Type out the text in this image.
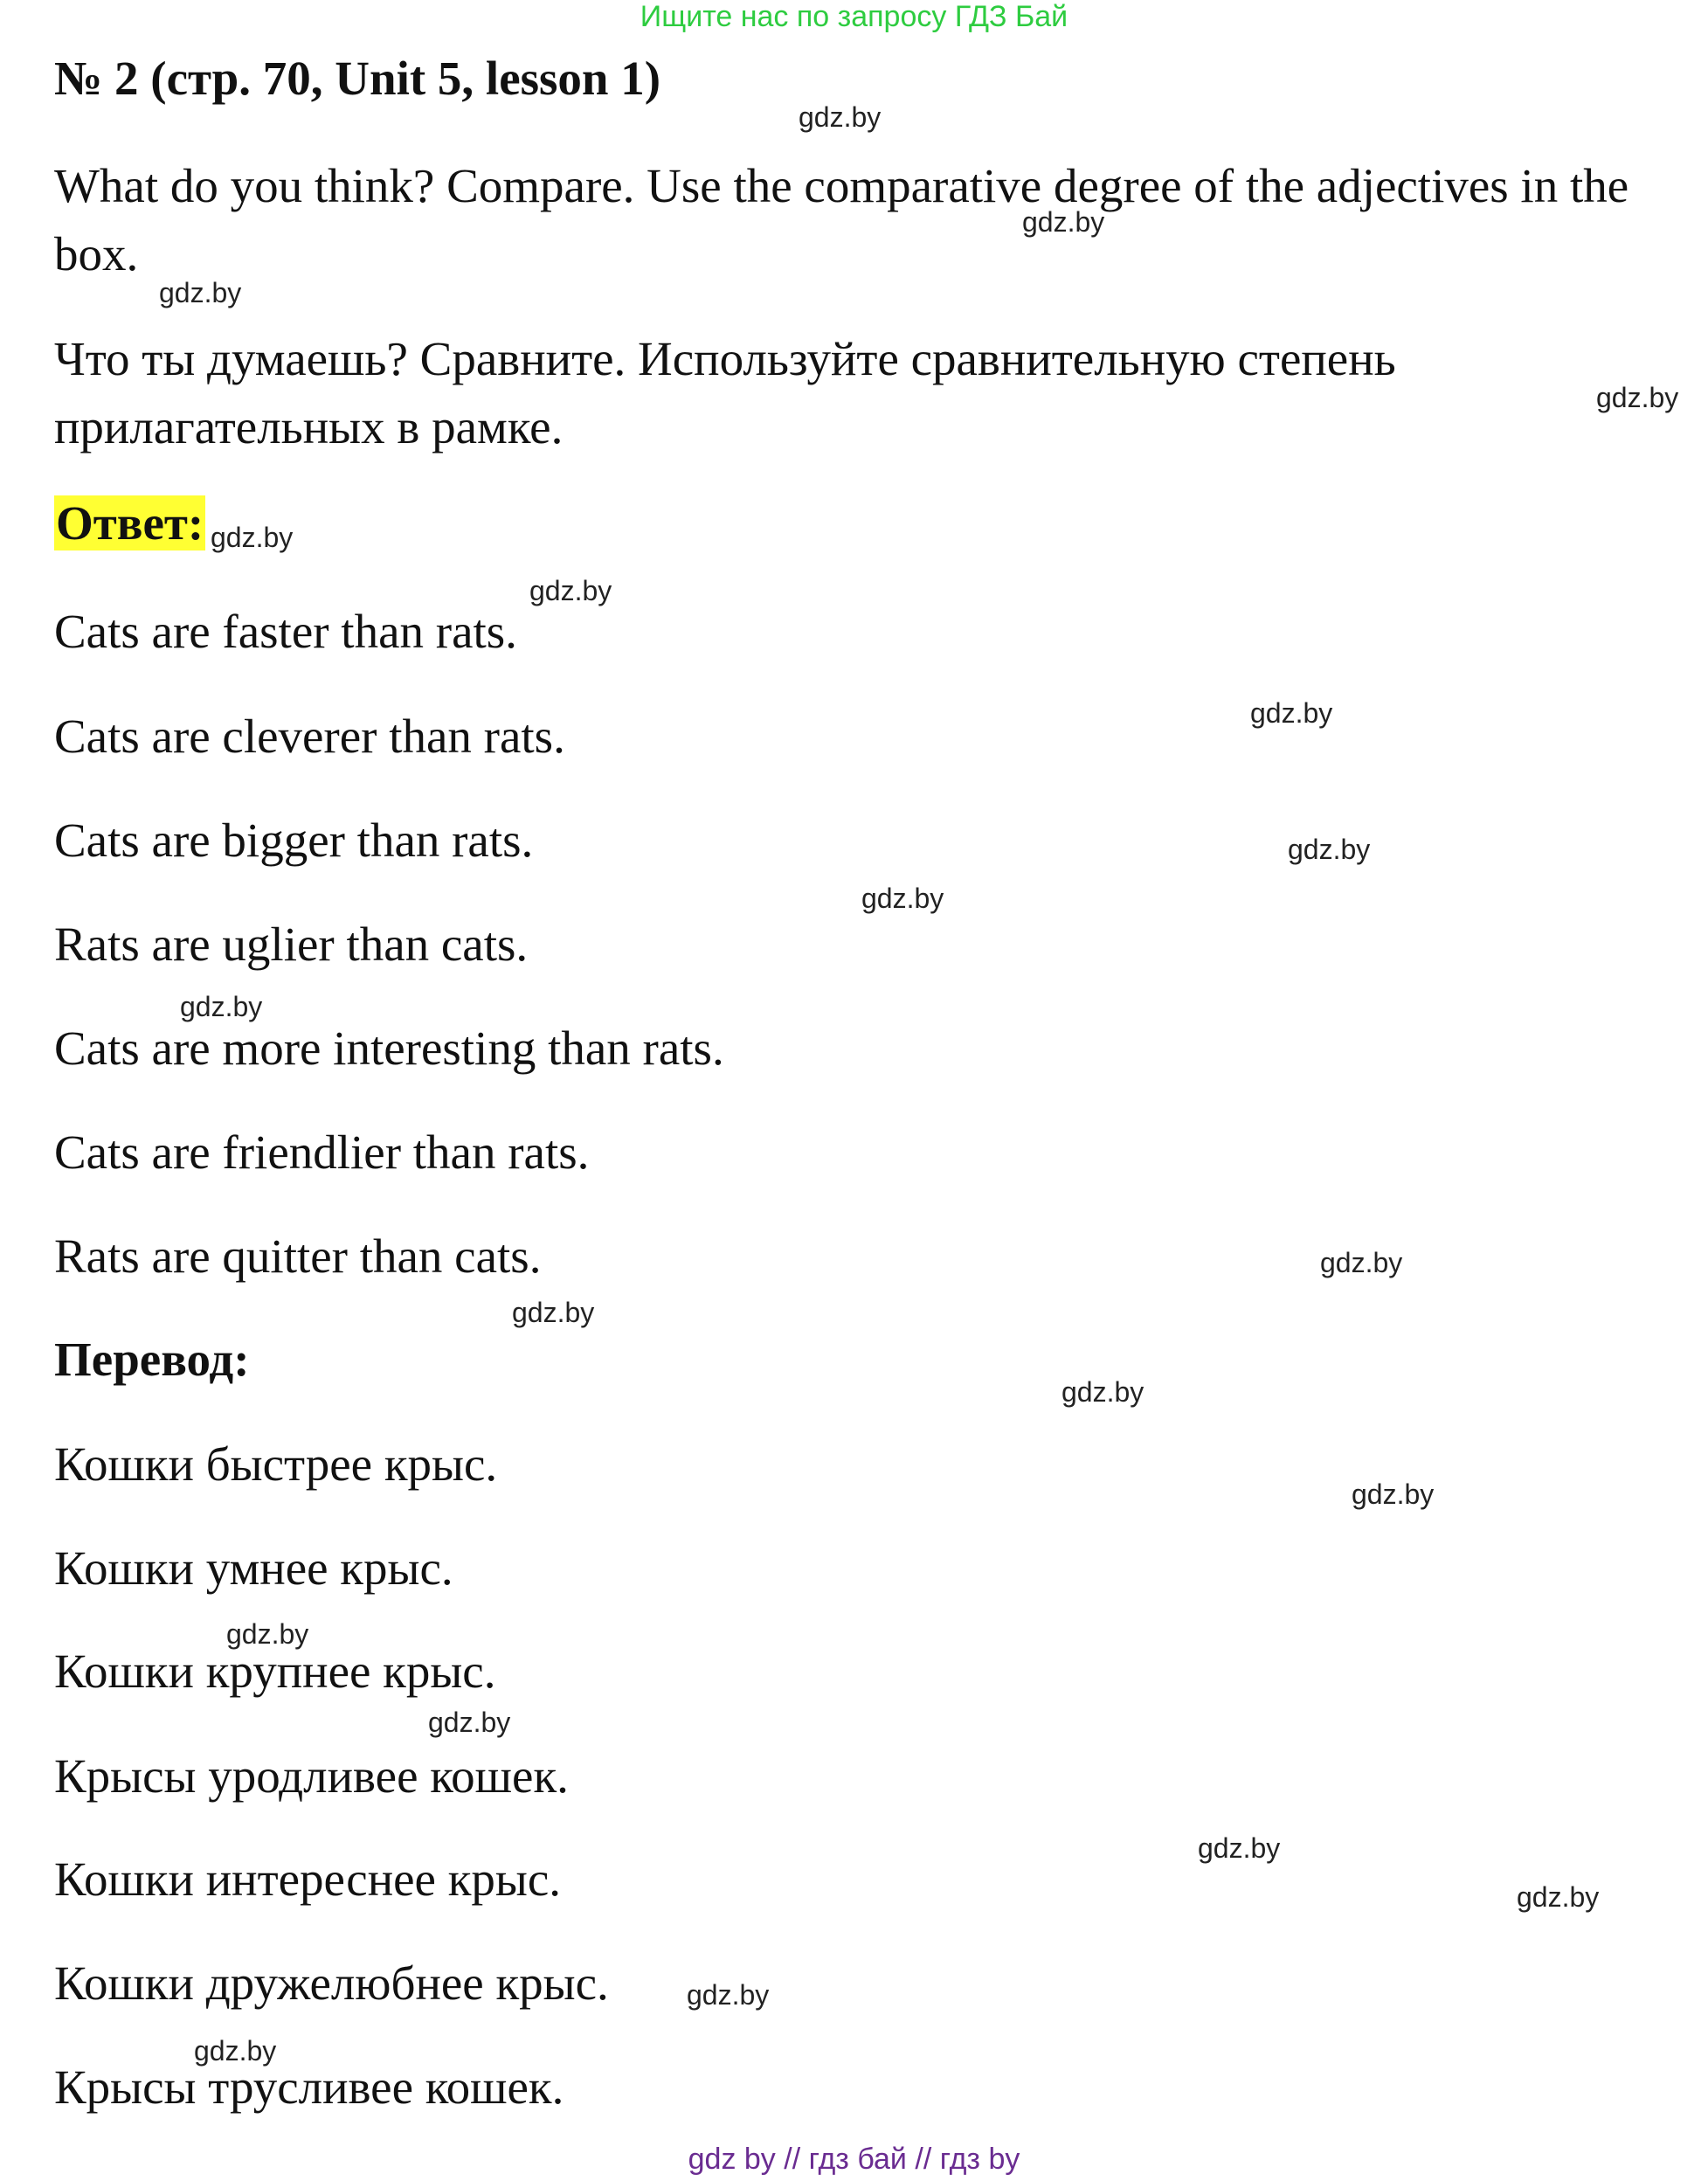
Ищите нас по запросу ГДЗ Бай
№ 2 (стр. 70, Unit 5, lesson 1)
What do you think? Compare. Use the comparative degree of the adjectives in the box.
Что ты думаешь? Сравните. Используйте сравнительную степень прилагательных в рамке.
Ответ:
Cats are faster than rats.
Cats are cleverer than rats.
Cats are bigger than rats.
Rats are uglier than cats.
Cats are more interesting than rats.
Cats are friendlier than rats.
Rats are quitter than cats.
Перевод:
Кошки быстрее крыс.
Кошки умнее крыс.
Кошки крупнее крыс.
Крысы уродливее кошек.
Кошки интереснее крыс.
Кошки дружелюбнее крыс.
Крысы трусливее кошек.
gdz.by
gdz.by
gdz.by
gdz.by
gdz.by
gdz.by
gdz.by
gdz.by
gdz.by
gdz.by
gdz.by
gdz.by
gdz.by
gdz.by
gdz.by
gdz.by
gdz.by
gdz.by
gdz.by
gdz.by
gdz by // гдз бай // гдз by
